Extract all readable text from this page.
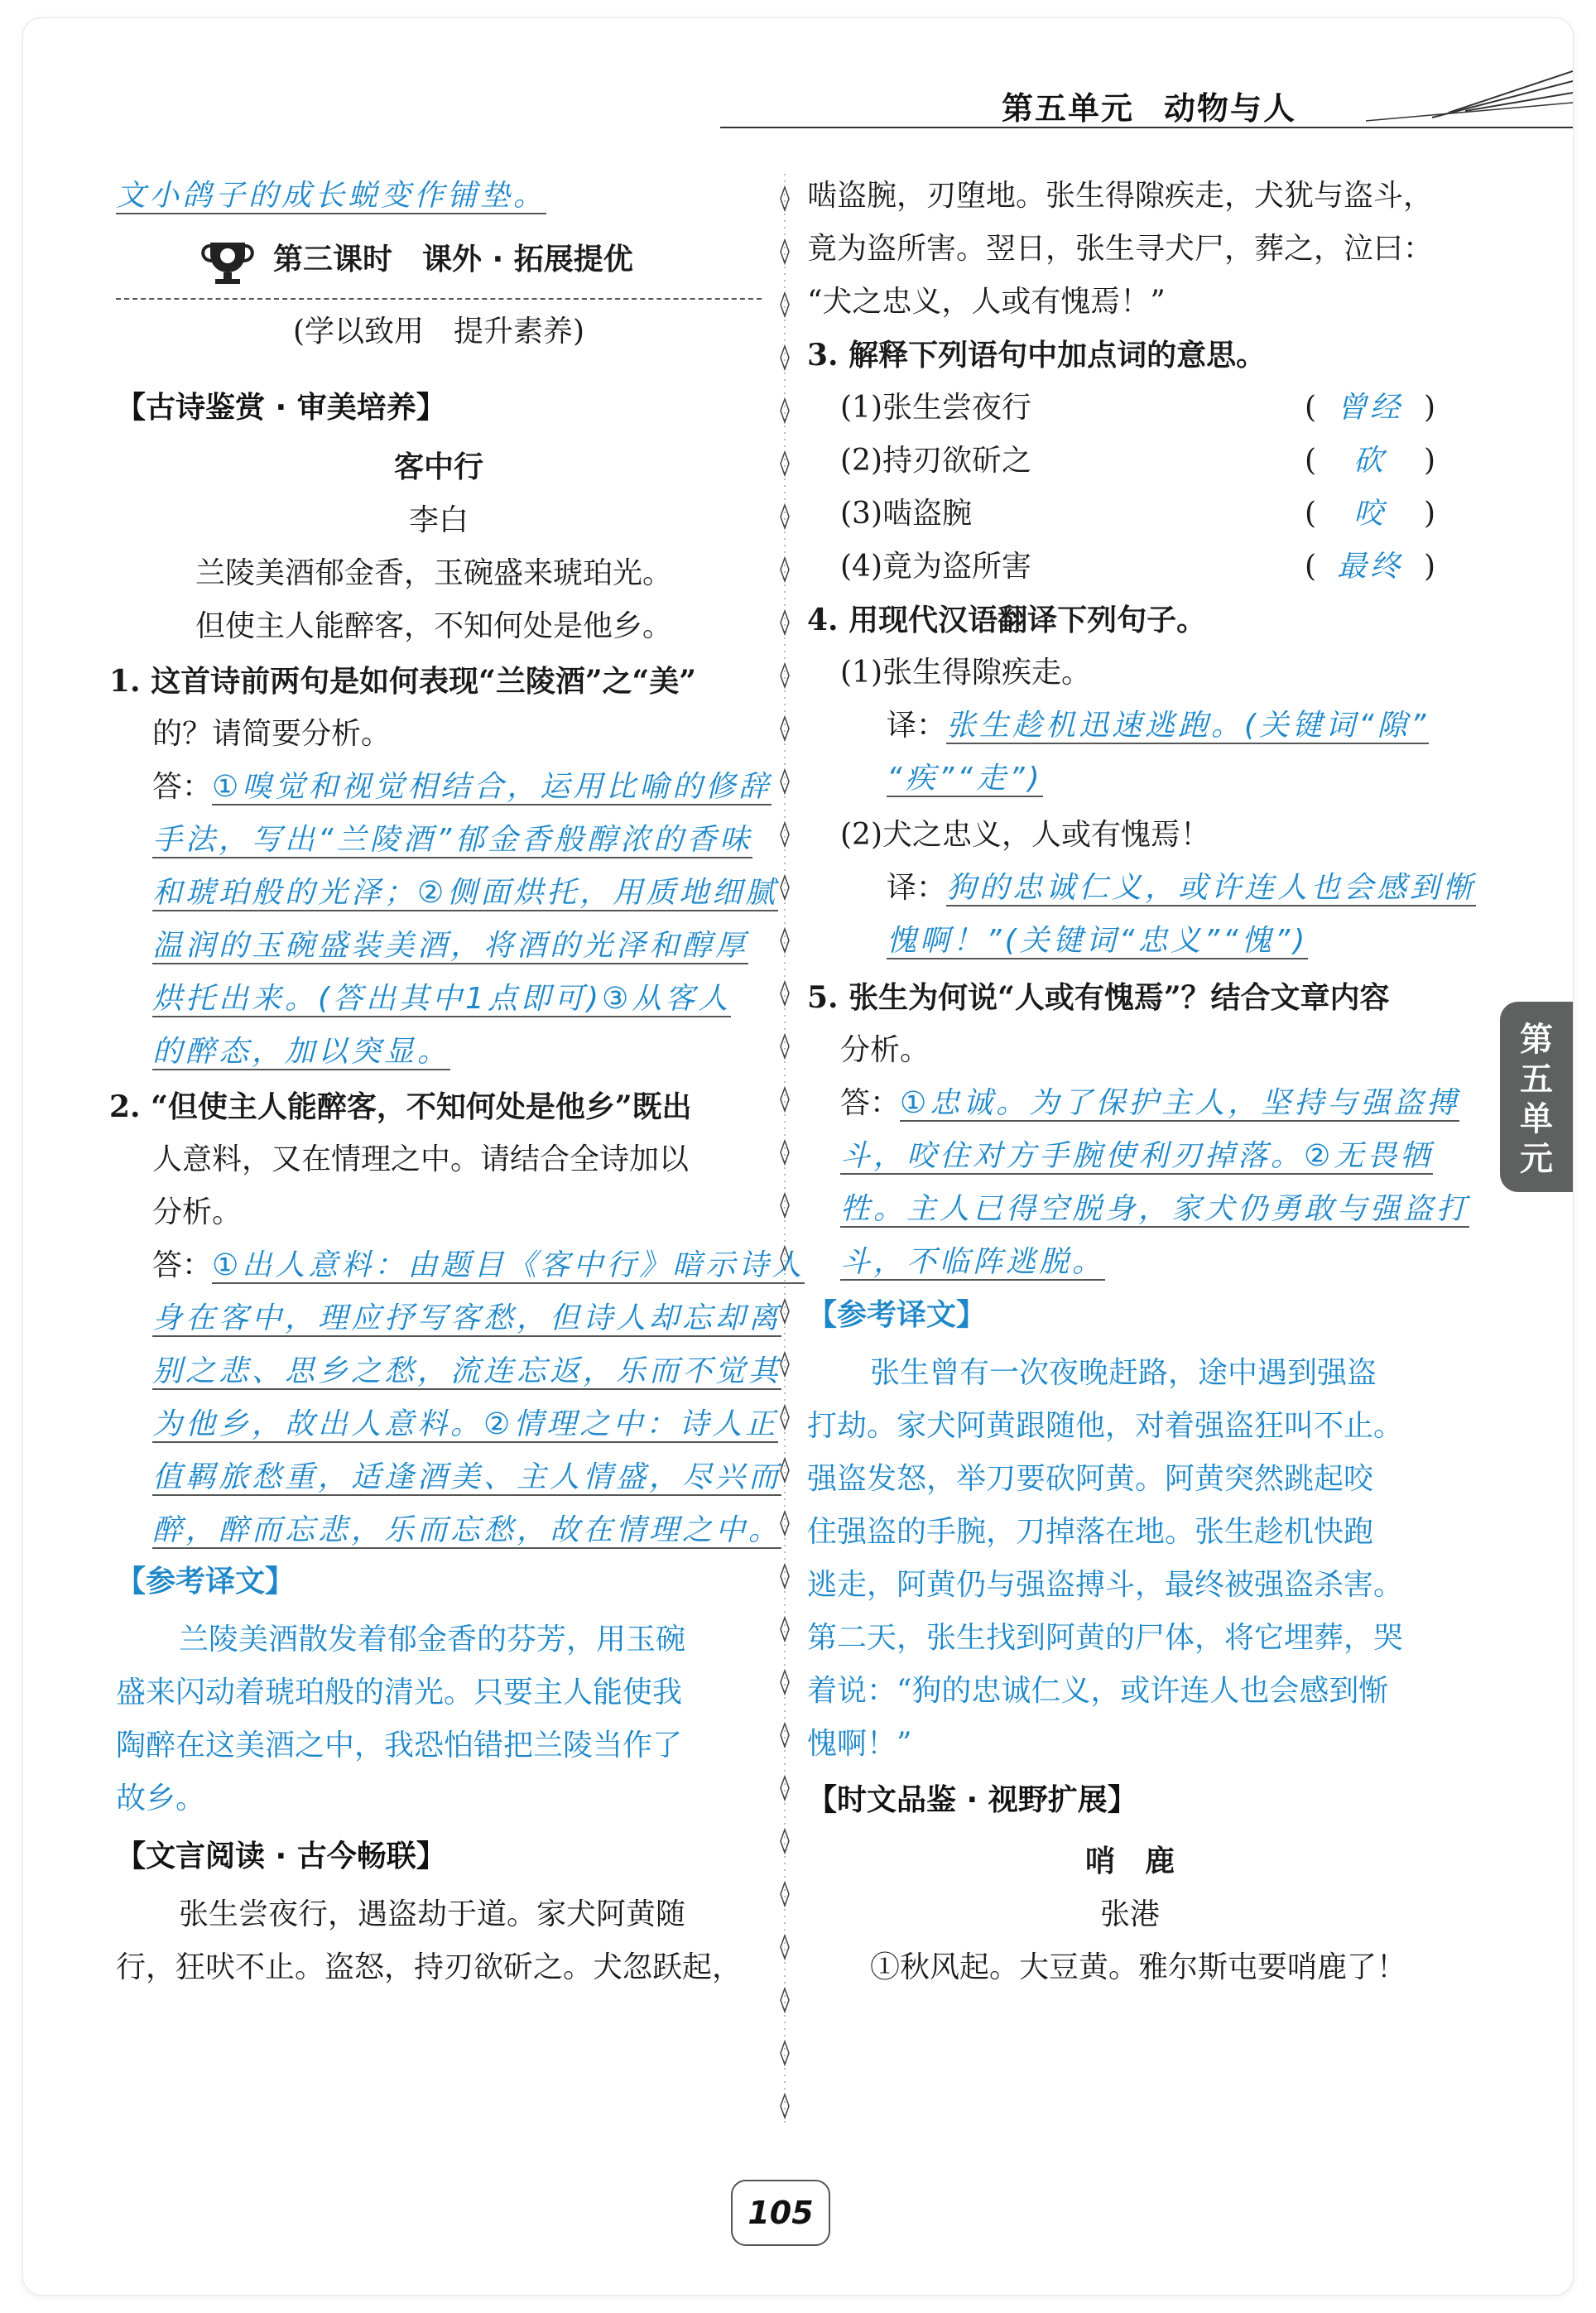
第五单元 动物与人
文小鸽子的成长蜕变作铺垫。
第三课时　课外 · 拓展提优
(学以致用　提升素养)
【古诗鉴赏 · 审美培养】
客中行
李白
兰陵美酒郁金香，玉碗盛来琥珀光。
但使主人能醉客，不知何处是他乡。
1. 这首诗前两句是如何表现“兰陵酒”之“美”
的？请简要分析。
答：①嗅觉和视觉相结合，运用比喻的修辞
手法，写出“兰陵酒”郁金香般醇浓的香味
和琥珀般的光泽；②侧面烘托，用质地细腻
温润的玉碗盛装美酒，将酒的光泽和醇厚
烘托出来。(答出其中1点即可)③从客人
的醉态，加以突显。
2. “但使主人能醉客，不知何处是他乡”既出
人意料，又在情理之中。请结合全诗加以
分析。
答：①出人意料：由题目《客中行》暗示诗人
身在客中，理应抒写客愁，但诗人却忘却离
别之悲、思乡之愁，流连忘返，乐而不觉其
为他乡，故出人意料。②情理之中：诗人正
值羁旅愁重，适逢酒美、主人情盛，尽兴而
醉，醉而忘悲，乐而忘愁，故在情理之中。
【参考译文】
兰陵美酒散发着郁金香的芬芳，用玉碗
盛来闪动着琥珀般的清光。只要主人能使我
陶醉在这美酒之中，我恐怕错把兰陵当作了
故乡。
【文言阅读 · 古今畅联】
张生尝夜行，遇盗劫于道。家犬阿黄随
行，狂吠不止。盗怒，持刃欲斫之。犬忽跃起，
啮盗腕，刃堕地。张生得隙疾走，犬犹与盗斗，
竟为盗所害。翌日，张生寻犬尸，葬之，泣曰：
“犬之忠义，人或有愧焉！”
3. 解释下列语句中加点词的意思。
(1)张生尝夜行	( 曾经 )
(2)持刃欲斫之	( 砍 )
(3)啮盗腕	( 咬 )
(4)竟为盗所害	( 最终 )
4. 用现代汉语翻译下列句子。
(1)张生得隙疾走。
译：张生趁机迅速逃跑。(关键词“隙”
“疾”“走”)
(2)犬之忠义，人或有愧焉！
译：狗的忠诚仁义，或许连人也会感到惭
愧啊！”(关键词“忠义”“愧”)
5. 张生为何说“人或有愧焉”？结合文章内容
分析。
答：①忠诚。为了保护主人，坚持与强盗搏
斗，咬住对方手腕使利刃掉落。②无畏牺
牲。主人已得空脱身，家犬仍勇敢与强盗打
斗，不临阵逃脱。
【参考译文】
张生曾有一次夜晚赶路，途中遇到强盗
打劫。家犬阿黄跟随他，对着强盗狂叫不止。
强盗发怒，举刀要砍阿黄。阿黄突然跳起咬
住强盗的手腕，刀掉落在地。张生趁机快跑
逃走，阿黄仍与强盗搏斗，最终被强盗杀害。
第二天，张生找到阿黄的尸体，将它埋葬，哭
着说：“狗的忠诚仁义，或许连人也会感到惭
愧啊！”
【时文品鉴 · 视野扩展】
哨　鹿
张港
①秋风起。大豆黄。雅尔斯屯要哨鹿了！
第
五
单
元
105
